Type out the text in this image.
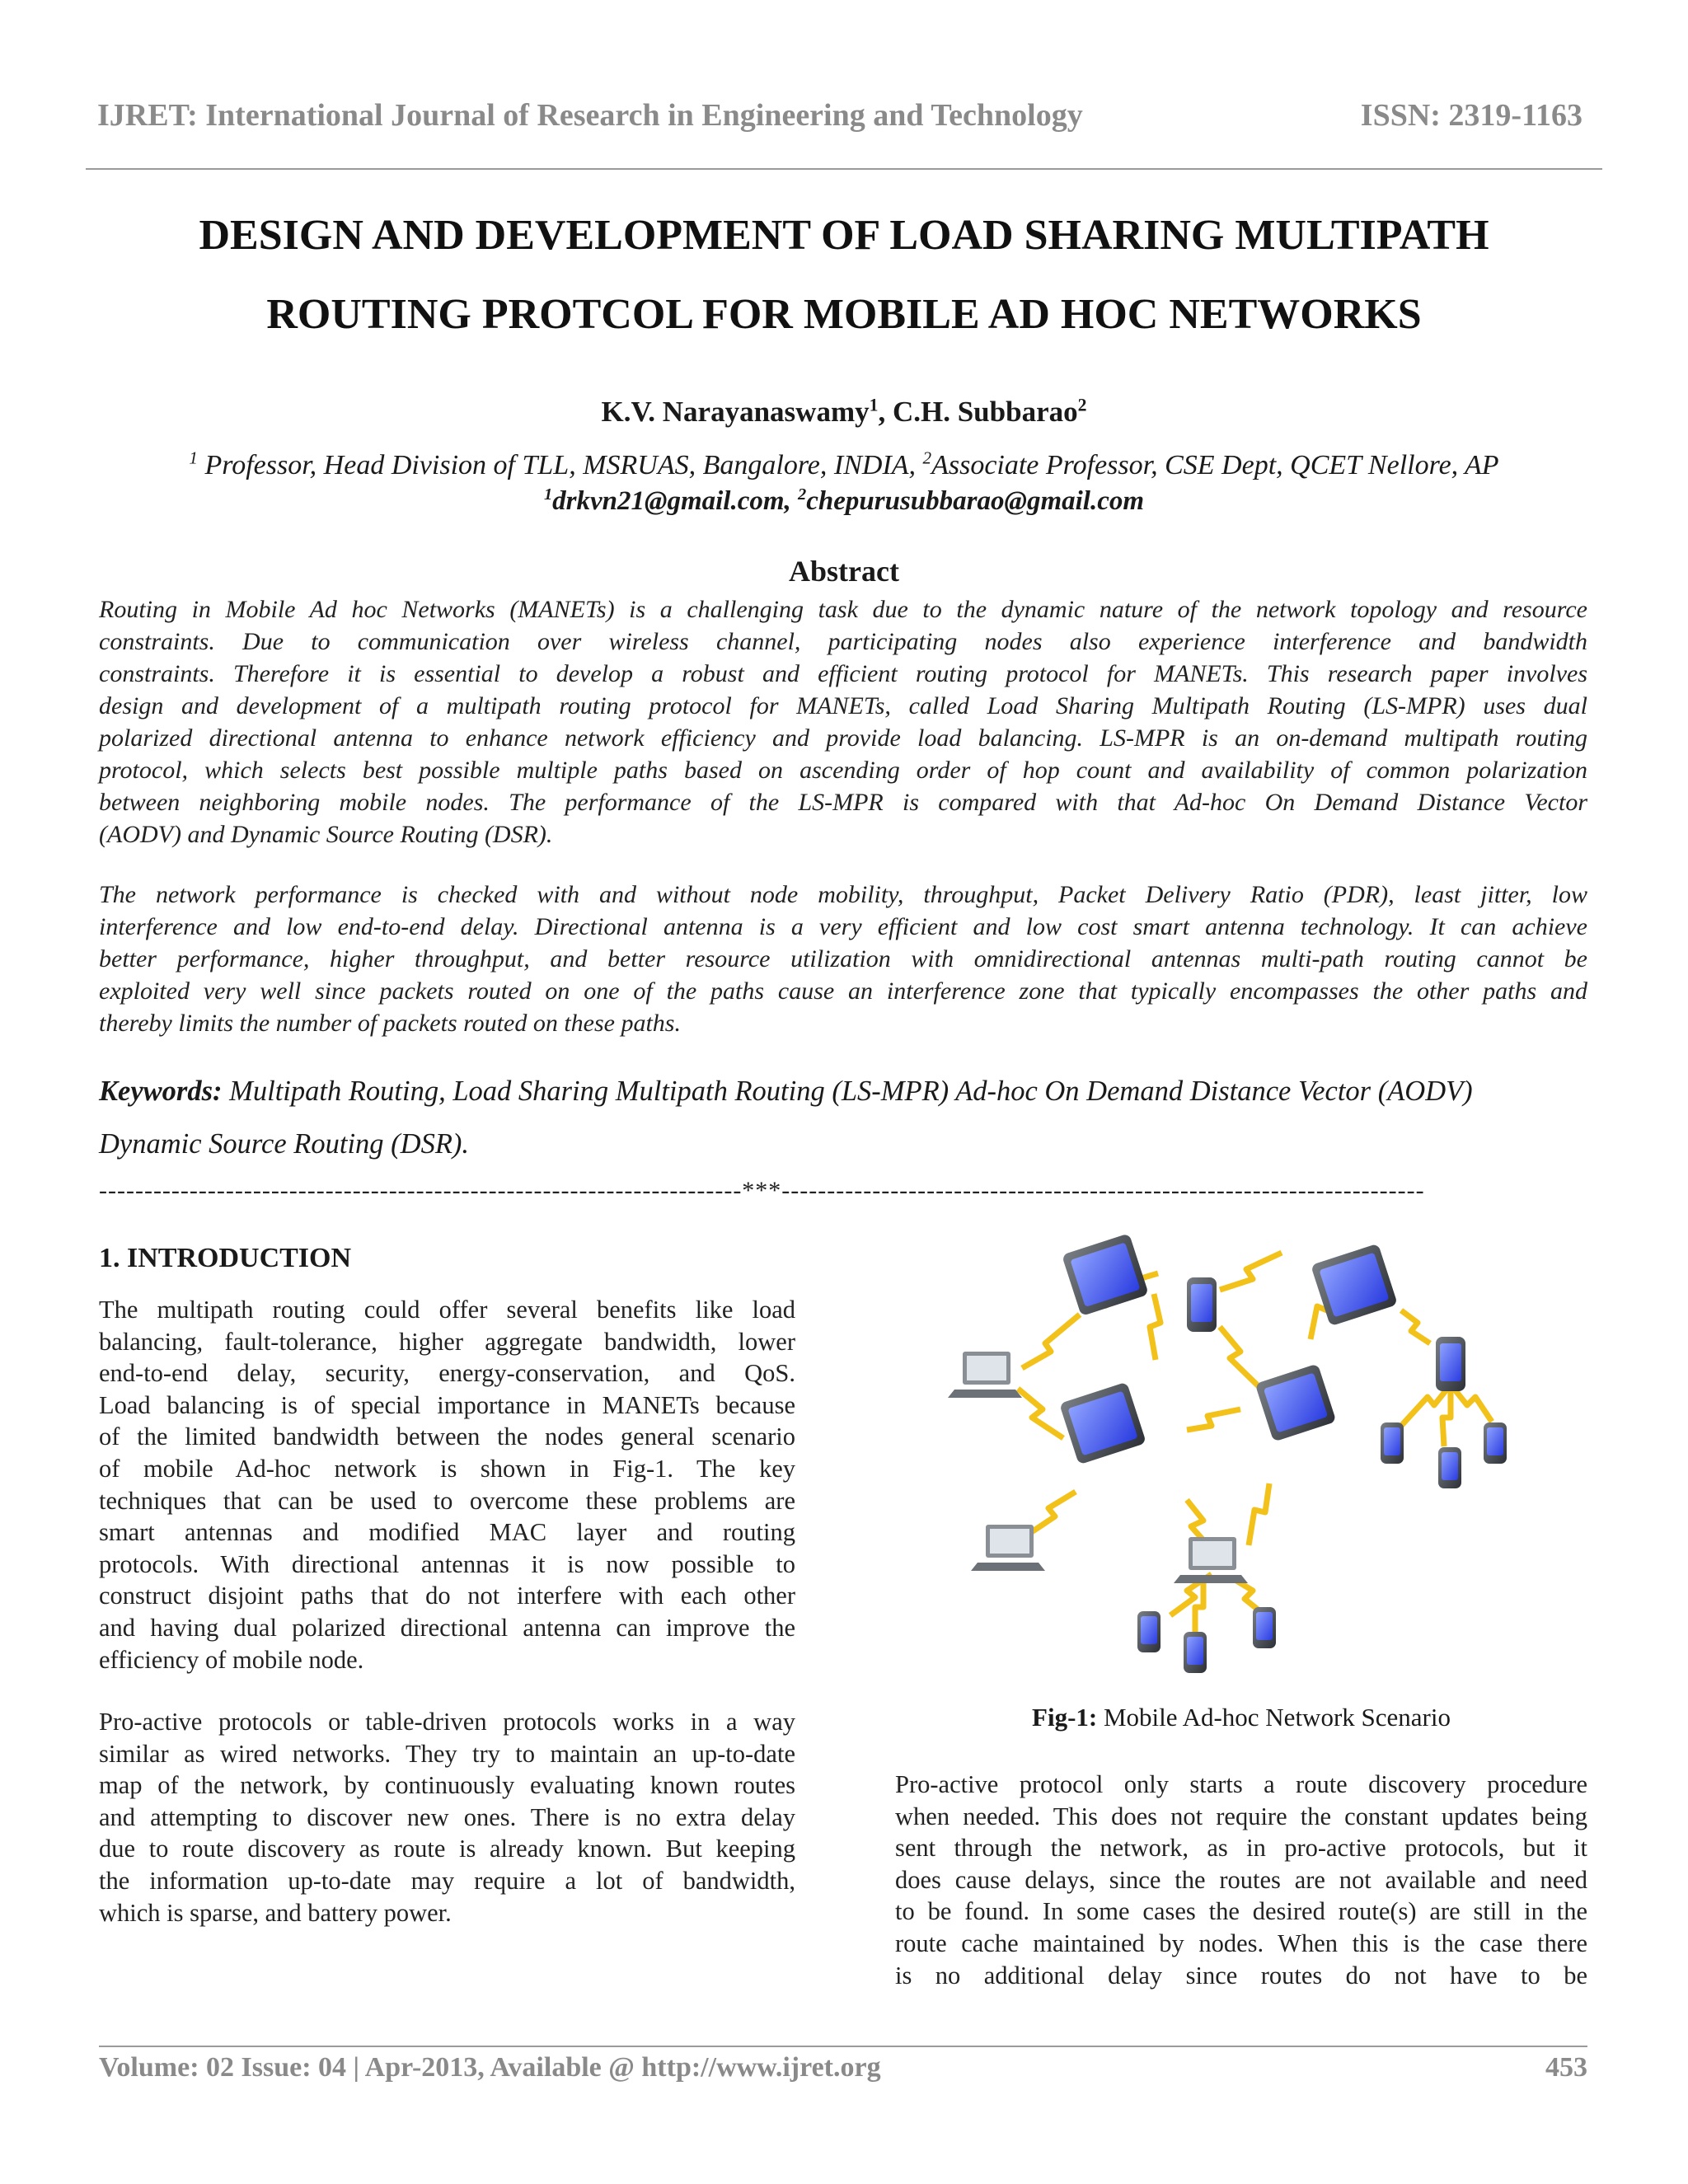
IJRET: International Journal of Research in Engineering and Technology	ISSN: 2319-1163
DESIGN AND DEVELOPMENT OF LOAD SHARING MULTIPATH
ROUTING PROTCOL FOR MOBILE AD HOC NETWORKS
K.V. Narayanaswamy$^1$, C.H. Subbarao$^2$
$^1$ Professor, Head Division of TLL, MSRUAS, Bangalore, INDIA, $^2$Associate Professor, CSE Dept, QCET Nellore, AP
$^1$drkvn21@gmail.com, $^2$chepurusubbarao@gmail.com
Abstract
Routing in Mobile Ad hoc Networks (MANETs) is a challenging task due to the dynamic nature of the network topology and resource
constraints. Due to communication over wireless channel, participating nodes also experience interference and bandwidth
constraints. Therefore it is essential to develop a robust and efficient routing protocol for MANETs. This research paper involves
design and development of a multipath routing protocol for MANETs, called Load Sharing Multipath Routing (LS-MPR) uses dual
polarized directional antenna to enhance network efficiency and provide load balancing. LS-MPR is an on-demand multipath routing
protocol, which selects best possible multiple paths based on ascending order of hop count and availability of common polarization
between neighboring mobile nodes. The performance of the LS-MPR is compared with that Ad-hoc On Demand Distance Vector
(AODV) and Dynamic Source Routing (DSR).
The network performance is checked with and without node mobility, throughput, Packet Delivery Ratio (PDR), least jitter, low
interference and low end-to-end delay. Directional antenna is a very efficient and low cost smart antenna technology. It can achieve
better performance, higher throughput, and better resource utilization with omnidirectional antennas multi-path routing cannot be
exploited very well since packets routed on one of the paths cause an interference zone that typically encompasses the other paths and
thereby limits the number of packets routed on these paths.
Keywords: Multipath Routing, Load Sharing Multipath Routing (LS-MPR) Ad-hoc On Demand Distance Vector (AODV)
Dynamic Source Routing (DSR).
-----------------------------------------------------------------------***-----------------------------------------------------------------------
1. INTRODUCTION
The multipath routing could offer several benefits like load
balancing, fault-tolerance, higher aggregate bandwidth, lower
end-to-end delay, security, energy-conservation, and QoS.
Load balancing is of special importance in MANETs because
of the limited bandwidth between the nodes general scenario
of mobile Ad-hoc network is shown in Fig-1. The key
techniques that can be used to overcome these problems are
smart antennas and modified MAC layer and routing
protocols. With directional antennas it is now possible to
construct disjoint paths that do not interfere with each other
and having dual polarized directional antenna can improve the
efficiency of mobile node.
Pro-active protocols or table-driven protocols works in a way
similar as wired networks. They try to maintain an up-to-date
map of the network, by continuously evaluating known routes
and attempting to discover new ones. There is no extra delay
due to route discovery as route is already known. But keeping
the information up-to-date may require a lot of bandwidth,
which is sparse, and battery power.
Fig-1: Mobile Ad-hoc Network Scenario
Pro-active protocol only starts a route discovery procedure
when needed. This does not require the constant updates being
sent through the network, as in pro-active protocols, but it
does cause delays, since the routes are not available and need
to be found. In some cases the desired route(s) are still in the
route cache maintained by nodes. When this is the case there
is no additional delay since routes do not have to be
Volume: 02 Issue: 04 | Apr-2013, Available @ http://www.ijret.org	453
